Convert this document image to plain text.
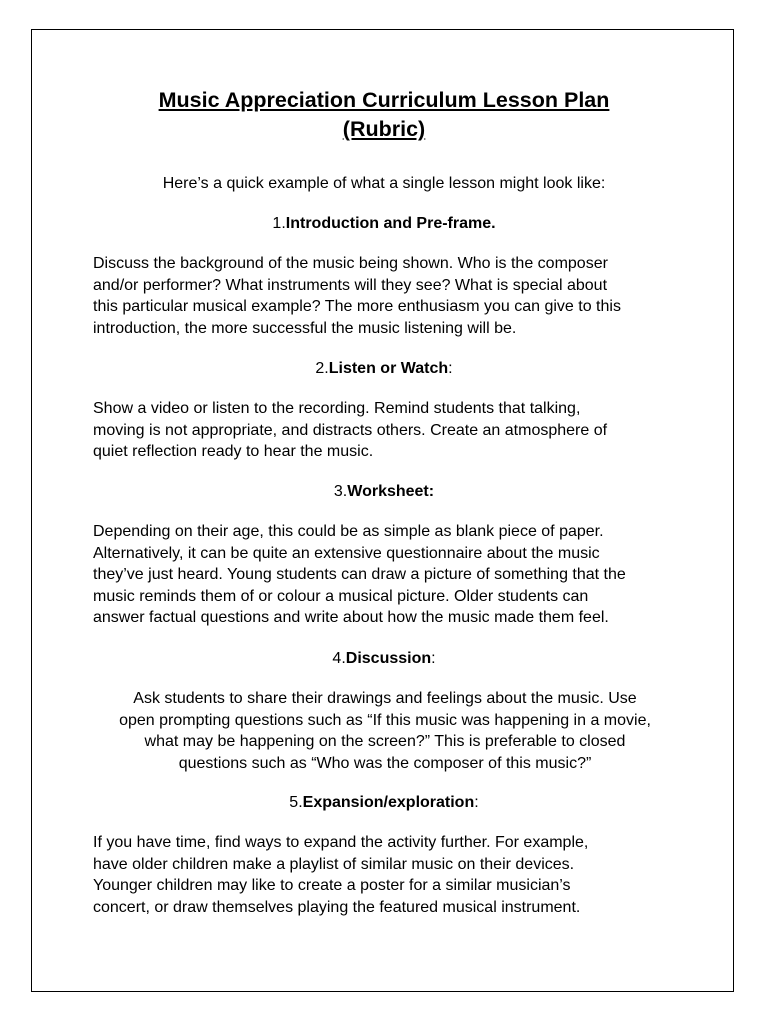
Music Appreciation Curriculum Lesson Plan
(Rubric)

Here’s a quick example of what a single lesson might look like:

1.Introduction and Pre-frame.

Discuss the background of the music being shown. Who is the composer
and/or performer? What instruments will they see? What is special about
this particular musical example? The more enthusiasm you can give to this
introduction, the more successful the music listening will be.

2.Listen or Watch:

Show a video or listen to the recording. Remind students that talking,
moving is not appropriate, and distracts others. Create an atmosphere of
quiet reflection ready to hear the music.

3.Worksheet:

Depending on their age, this could be as simple as blank piece of paper.
Alternatively, it can be quite an extensive questionnaire about the music
they’ve just heard. Young students can draw a picture of something that the
music reminds them of or colour a musical picture. Older students can
answer factual questions and write about how the music made them feel.

4.Discussion:

Ask students to share their drawings and feelings about the music. Use
open prompting questions such as “If this music was happening in a movie,
what may be happening on the screen?” This is preferable to closed
questions such as “Who was the composer of this music?”

5.Expansion/exploration:

If you have time, find ways to expand the activity further. For example,
have older children make a playlist of similar music on their devices.
Younger children may like to create a poster for a similar musician’s
concert, or draw themselves playing the featured musical instrument.
